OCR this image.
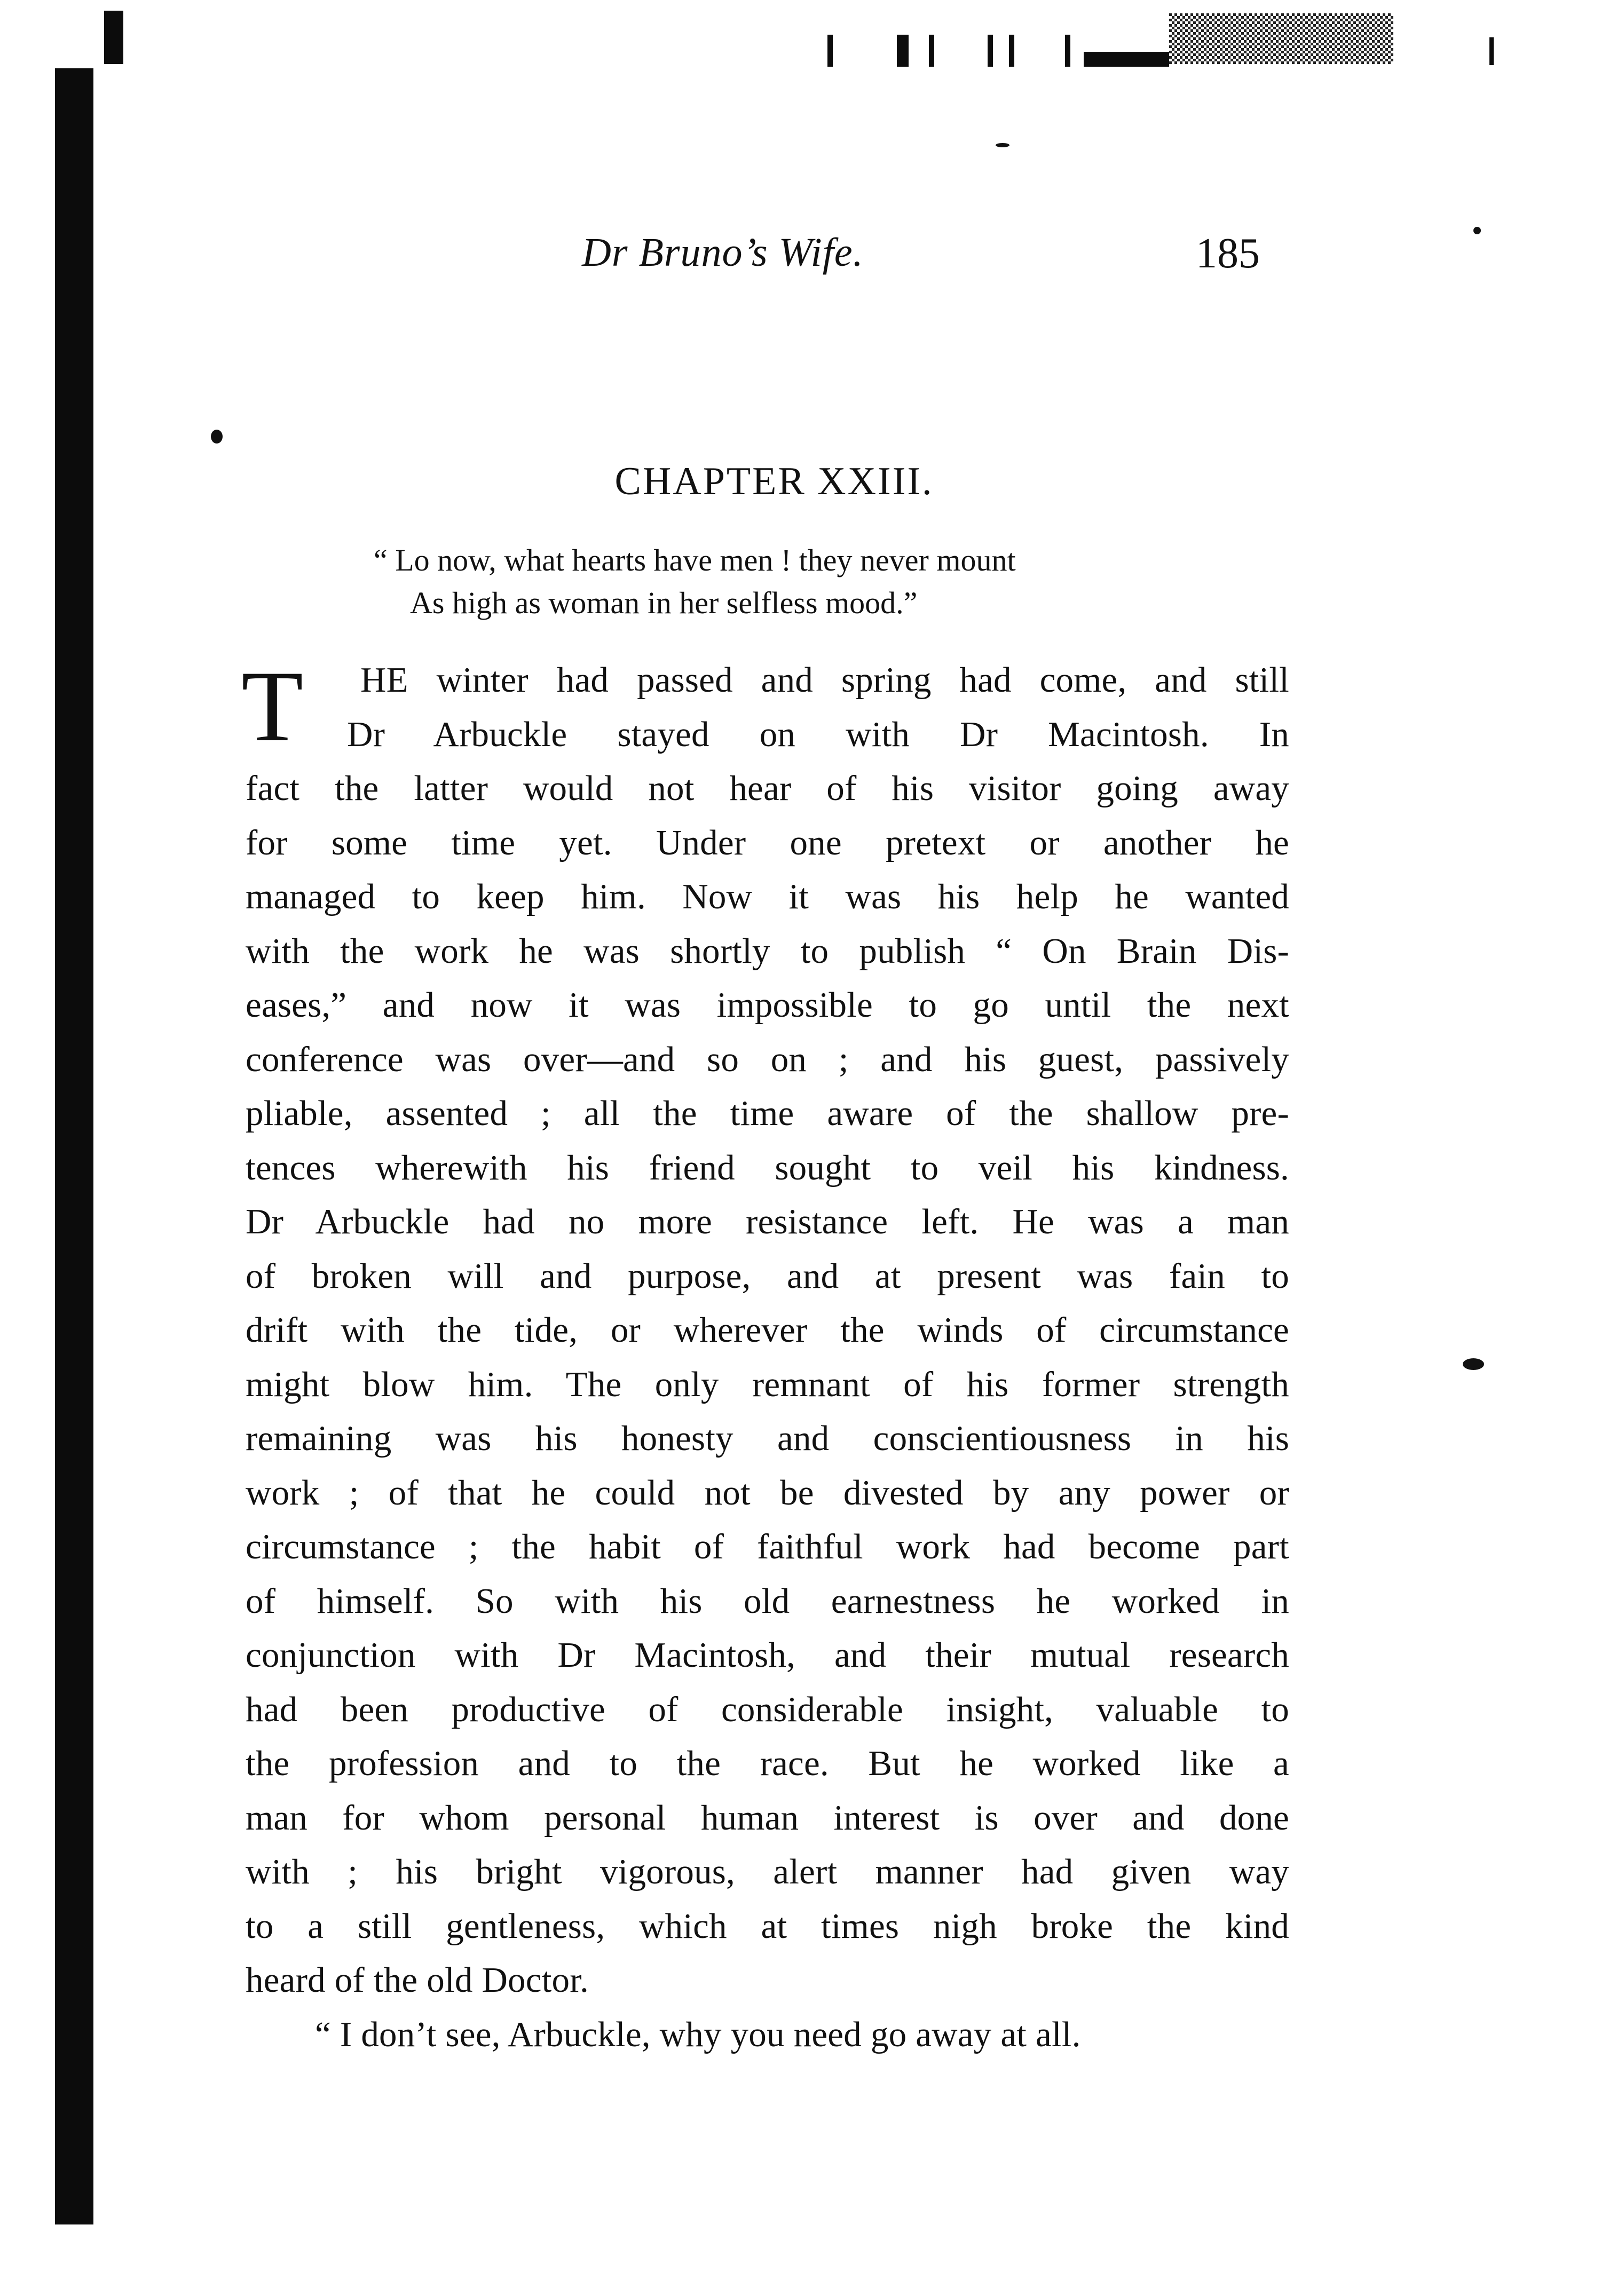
Dr Bruno’s Wife.	185
CHAPTER XXIII.
“ Lo now, what hearts have men ! they never mount
As high as woman in her selfless mood.”
T HE winter had passed and spring had come, and still
Dr Arbuckle stayed on with Dr Macintosh. In
fact the latter would not hear of his visitor going away
for some time yet. Under one pretext or another he
managed to keep him. Now it was his help he wanted
with the work he was shortly to publish “ On Brain Dis-
eases,” and now it was impossible to go until the next
conference was over—and so on ; and his guest, passively
pliable, assented ; all the time aware of the shallow pre-
tences wherewith his friend sought to veil his kindness.
Dr Arbuckle had no more resistance left. He was a man
of broken will and purpose, and at present was fain to
drift with the tide, or wherever the winds of circumstance
might blow him. The only remnant of his former strength
remaining was his honesty and conscientiousness in his
work ; of that he could not be divested by any power or
circumstance ; the habit of faithful work had become part
of himself. So with his old earnestness he worked in
conjunction with Dr Macintosh, and their mutual research
had been productive of considerable insight, valuable to
the profession and to the race. But he worked like a
man for whom personal human interest is over and done
with ; his bright vigorous, alert manner had given way
to a still gentleness, which at times nigh broke the kind
heard of the old Doctor.
“ I don’t see, Arbuckle, why you need go away at all.
